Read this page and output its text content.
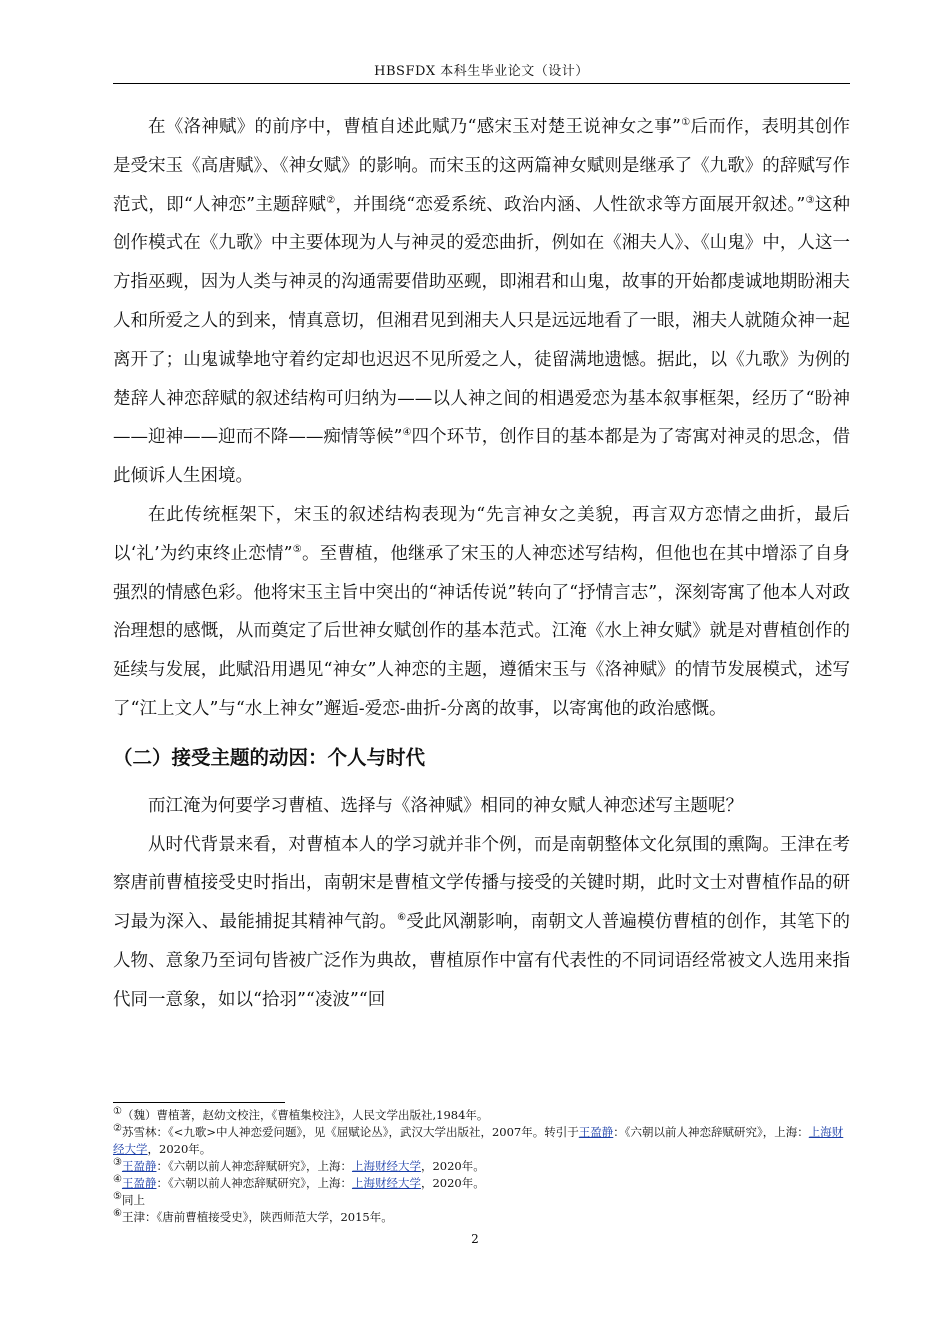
HBSFDX 本科生毕业论文（设计）

在《洛神赋》的前序中，曹植自述此赋乃“感宋玉对楚王说神女之事”①后而作，表明其创作是受宋玉《高唐赋》、《神女赋》的影响。而宋玉的这两篇神女赋则是继承了《九歌》的辞赋写作范式，即“人神恋”主题辞赋②，并围绕“恋爱系统、政治内涵、人性欲求等方面展开叙述。”③这种创作模式在《九歌》中主要体现为人与神灵的爱恋曲折，例如在《湘夫人》、《山鬼》中，人这一方指巫觋，因为人类与神灵的沟通需要借助巫觋，即湘君和山鬼，故事的开始都虔诚地期盼湘夫人和所爱之人的到来，情真意切，但湘君见到湘夫人只是远远地看了一眼，湘夫人就随众神一起离开了；山鬼诚挚地守着约定却也迟迟不见所爱之人，徒留满地遗憾。据此，以《九歌》为例的楚辞人神恋辞赋的叙述结构可归纳为——以人神之间的相遇爱恋为基本叙事框架，经历了“盼神——迎神——迎而不降——痴情等候”④四个环节，创作目的基本都是为了寄寓对神灵的思念，借此倾诉人生困境。

在此传统框架下，宋玉的叙述结构表现为“先言神女之美貌，再言双方恋情之曲折，最后以‘礼’为约束终止恋情”⑤。至曹植，他继承了宋玉的人神恋述写结构，但他也在其中增添了自身强烈的情感色彩。他将宋玉主旨中突出的“神话传说”转向了“抒情言志”，深刻寄寓了他本人对政治理想的感慨，从而奠定了后世神女赋创作的基本范式。江淹《水上神女赋》就是对曹植创作的延续与发展，此赋沿用遇见“神女”人神恋的主题，遵循宋玉与《洛神赋》的情节发展模式，述写了“江上文人”与“水上神女”邂逅-爱恋-曲折-分离的故事，以寄寓他的政治感慨。

（二）接受主题的动因：个人与时代

而江淹为何要学习曹植、选择与《洛神赋》相同的神女赋人神恋述写主题呢？

从时代背景来看，对曹植本人的学习就并非个例，而是南朝整体文化氛围的熏陶。王津在考察唐前曹植接受史时指出，南朝宋是曹植文学传播与接受的关键时期，此时文士对曹植作品的研习最为深入、最能捕捉其精神气韵。⑥受此风潮影响，南朝文人普遍模仿曹植的创作，其笔下的人物、意象乃至词句皆被广泛作为典故，曹植原作中富有代表性的不同词语经常被文人选用来指代同一意象，如以“拾羽”“凌波”“回

①（魏）曹植著，赵幼文校注，《曹植集校注》，人民文学出版社,1984年。

②苏雪林：《<九歌>中人神恋爱问题》，见《屈赋论丛》，武汉大学出版社，2007年。转引于王盈静：《六朝以前人神恋辞赋研究》，上海：上海财经大学，2020年。

③王盈静：《六朝以前人神恋辞赋研究》，上海：上海财经大学，2020年。

④王盈静：《六朝以前人神恋辞赋研究》，上海：上海财经大学，2020年。

⑤同上

⑥王津：《唐前曹植接受史》，陕西师范大学，2015年。

2
